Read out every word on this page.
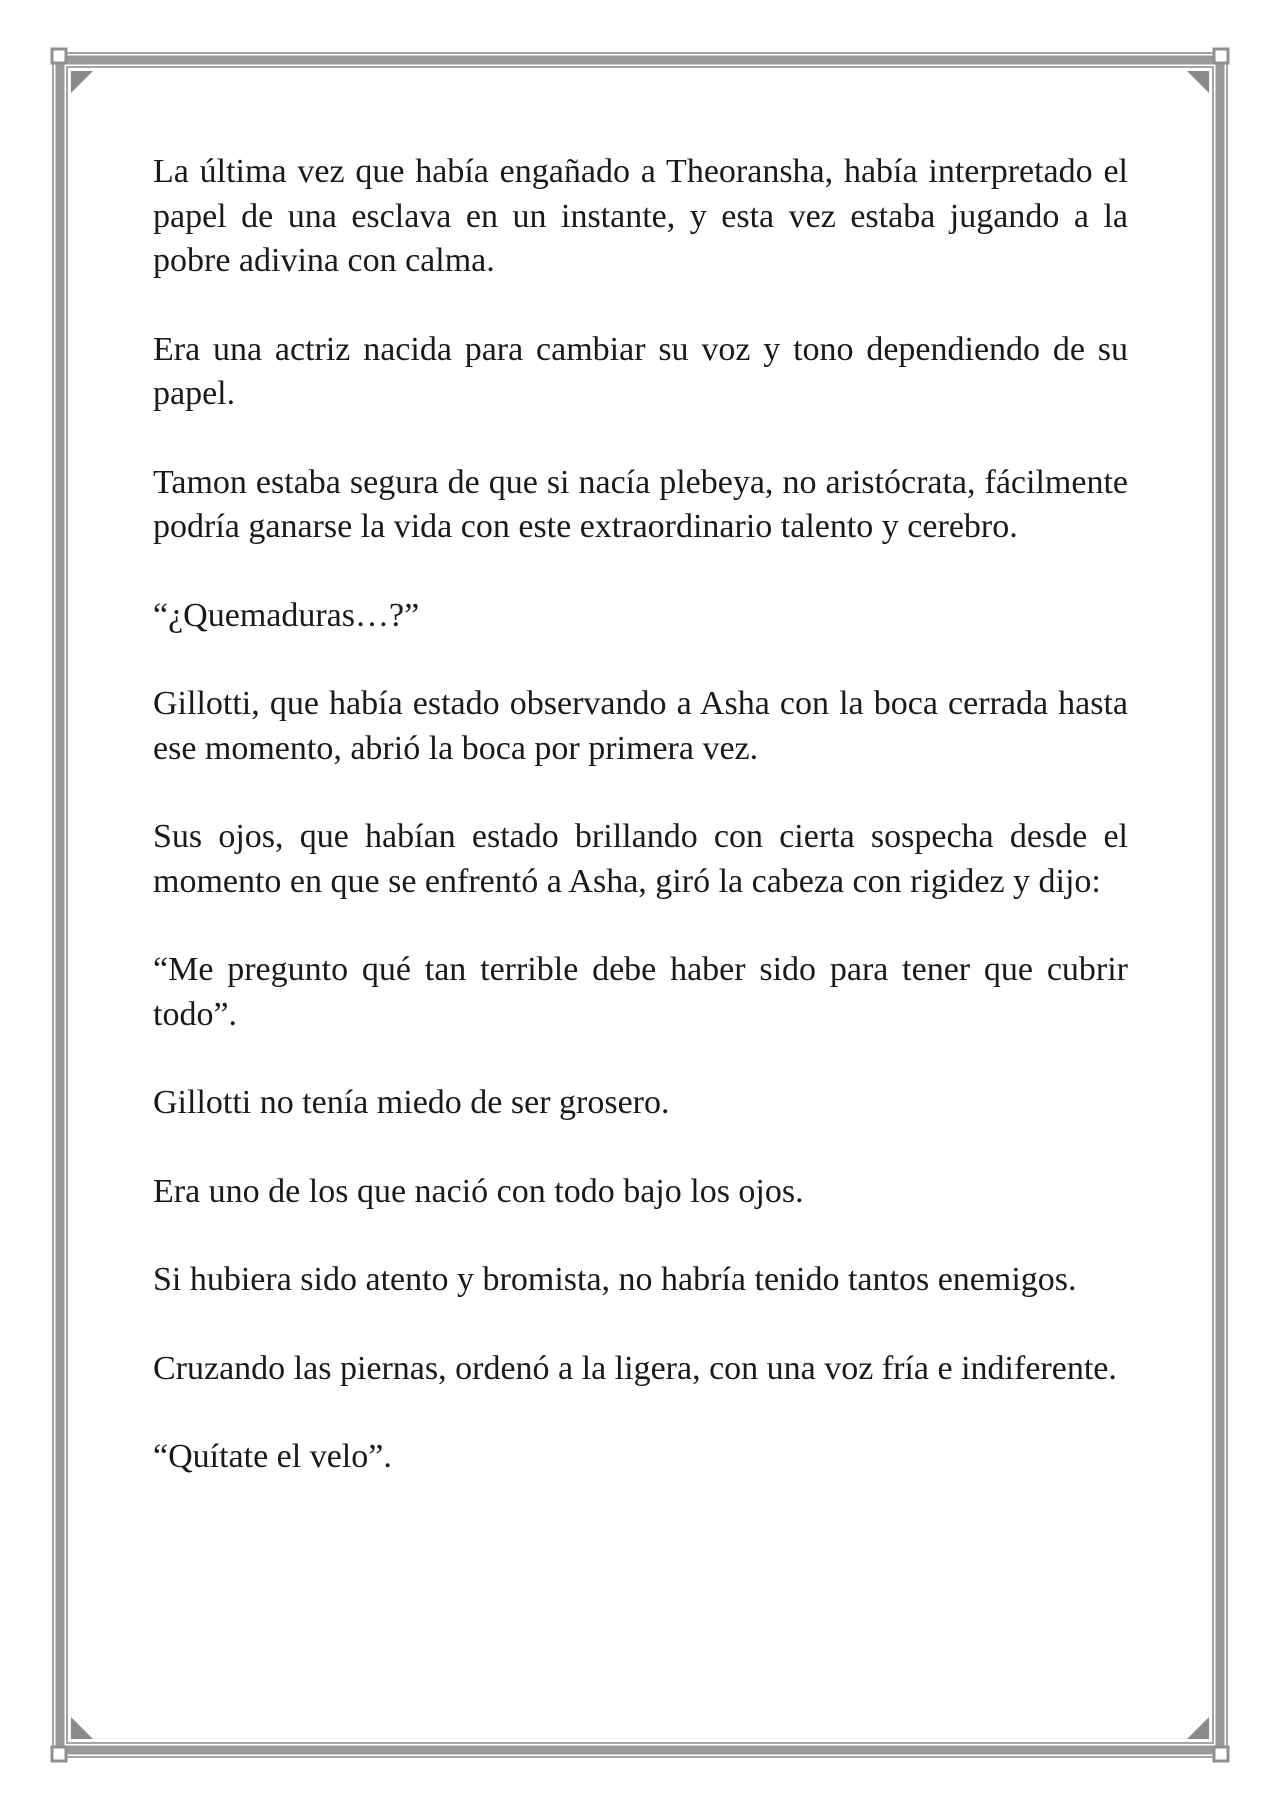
La última vez que había engañado a Theoransha, había interpretado el papel de una esclava en un instante, y esta vez estaba jugando a la pobre adivina con calma.

Era una actriz nacida para cambiar su voz y tono dependiendo de su papel.

Tamon estaba segura de que si nacía plebeya, no aristócrata, fácilmente podría ganarse la vida con este extraordinario talento y cerebro.

“¿Quemaduras…?”

Gillotti, que había estado observando a Asha con la boca cerrada hasta ese momento, abrió la boca por primera vez.

Sus ojos, que habían estado brillando con cierta sospecha desde el momento en que se enfrentó a Asha, giró la cabeza con rigidez y dijo:

“Me pregunto qué tan terrible debe haber sido para tener que cubrir todo”.

Gillotti no tenía miedo de ser grosero.

Era uno de los que nació con todo bajo los ojos.

Si hubiera sido atento y bromista, no habría tenido tantos enemigos.

Cruzando las piernas, ordenó a la ligera, con una voz fría e indiferente.

“Quítate el velo”.
